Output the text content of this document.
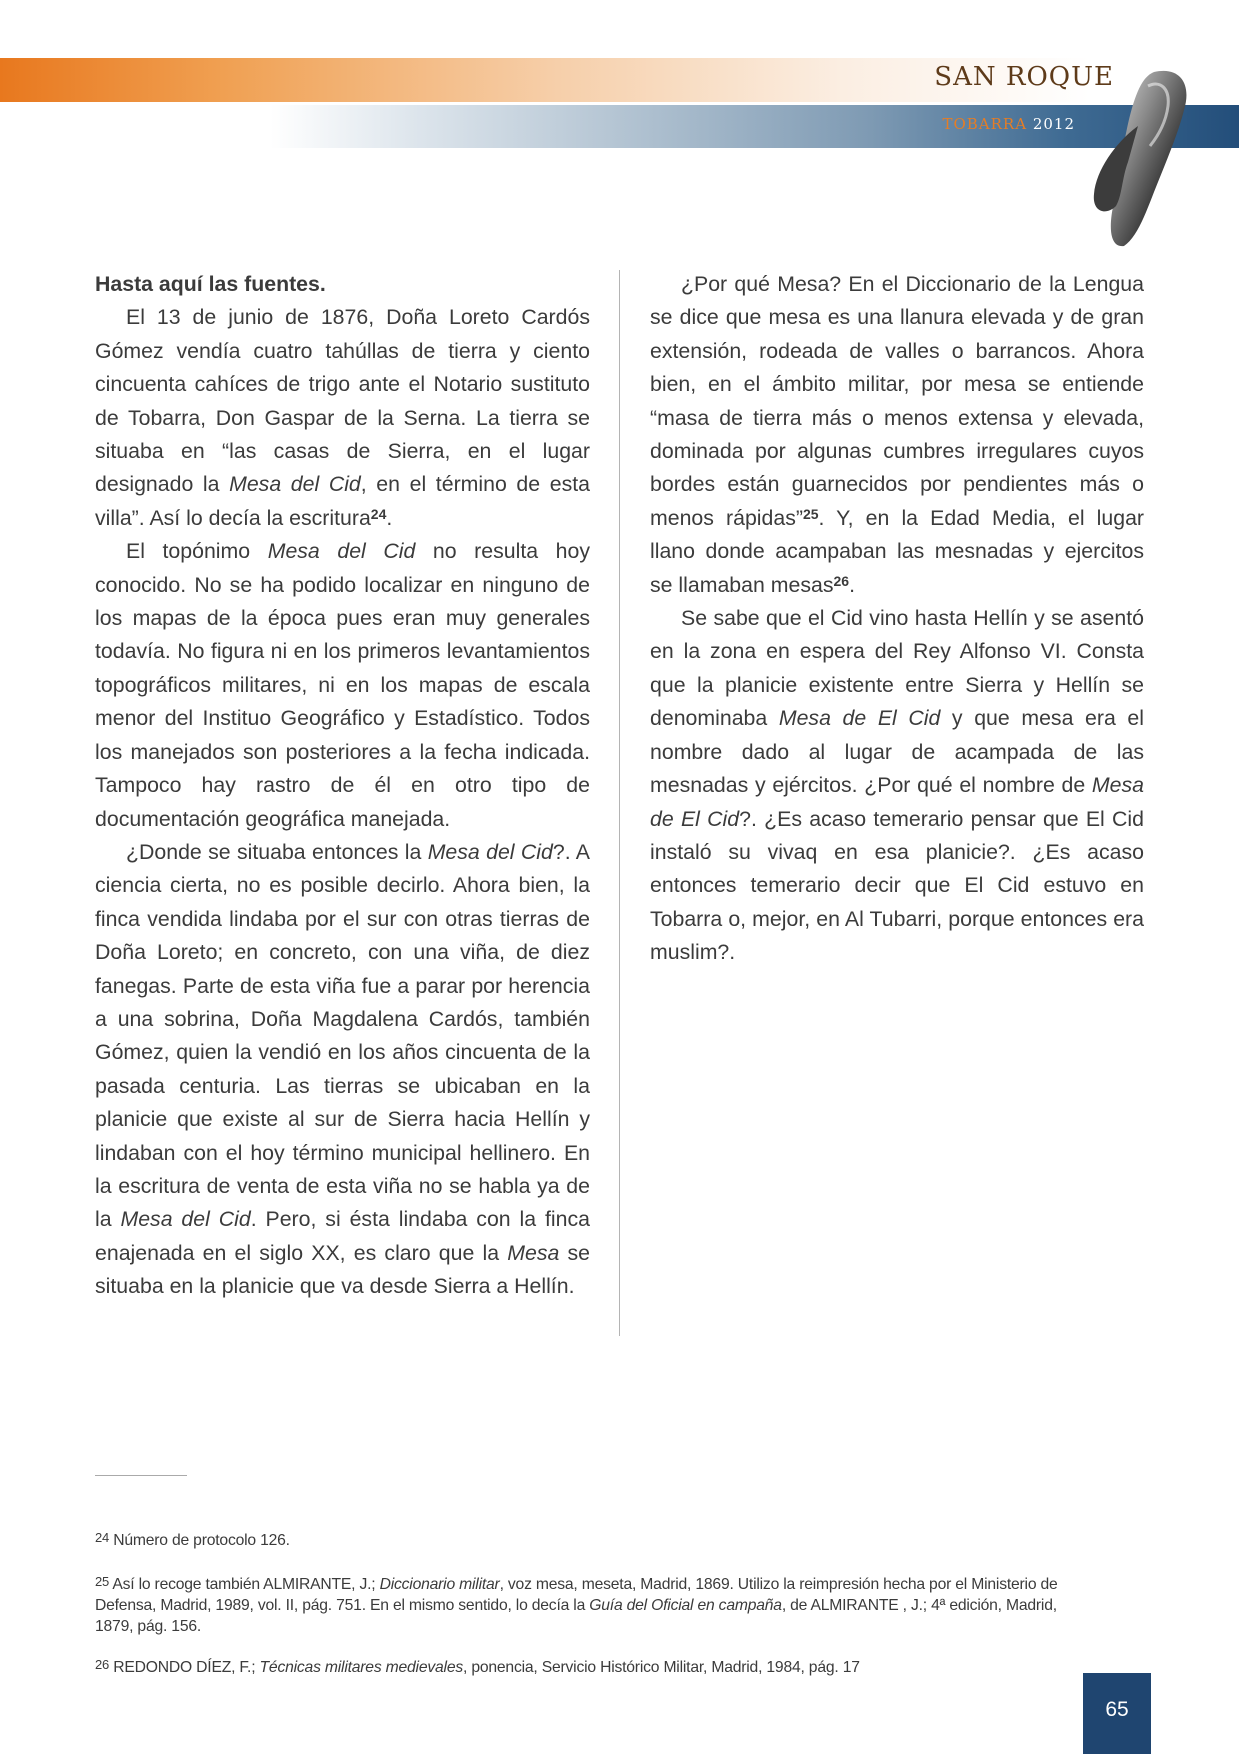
SAN ROQUE
TOBARRA 2012

Hasta aquí las fuentes.

El 13 de junio de 1876, Doña Loreto Cardós Gómez vendía cuatro tahúllas de tierra y ciento cincuenta cahíces de trigo ante el Notario sustituto de Tobarra, Don Gaspar de la Serna. La tierra se situaba en “las casas de Sierra, en el lugar designado la Mesa del Cid, en el término de esta villa”. Así lo decía la escritura$^{24}$.

El topónimo Mesa del Cid no resulta hoy conocido. No se ha podido localizar en ninguno de los mapas de la época pues eran muy generales todavía. No figura ni en los primeros levantamientos topográficos militares, ni en los mapas de escala menor del Instituo Geográfico y Estadístico. Todos los manejados son posteriores a la fecha indicada. Tampoco hay rastro de él en otro tipo de documentación geográfica manejada.

¿Donde se situaba entonces la Mesa del Cid?. A ciencia cierta, no es posible decirlo. Ahora bien, la finca vendida lindaba por el sur con otras tierras de Doña Loreto; en concreto, con una viña, de diez fanegas. Parte de esta viña fue a parar por herencia a una sobrina, Doña Magdalena Cardós, también Gómez, quien la vendió en los años cincuenta de la pasada centuria. Las tierras se ubicaban en la planicie que existe al sur de Sierra hacia Hellín y lindaban con el hoy término municipal hellinero. En la escritura de venta de esta viña no se habla ya de la Mesa del Cid. Pero, si ésta lindaba con la finca enajenada en el siglo XX, es claro que la Mesa se situaba en la planicie que va desde Sierra a Hellín.

¿Por qué Mesa? En el Diccionario de la Lengua se dice que mesa es una llanura elevada y de gran extensión, rodeada de valles o barrancos. Ahora bien, en el ámbito militar, por mesa se entiende “masa de tierra más o menos extensa y elevada, dominada por algunas cumbres irregulares cuyos bordes están guarnecidos por pendientes más o menos rápidas”$^{25}$. Y, en la Edad Media, el lugar llano donde acampaban las mesnadas y ejercitos se llamaban mesas$^{26}$.

Se sabe que el Cid vino hasta Hellín y se asentó en la zona en espera del Rey Alfonso VI. Consta que la planicie existente entre Sierra y Hellín se denominaba Mesa de El Cid y que mesa era el nombre dado al lugar de acampada de las mesnadas y ejércitos. ¿Por qué el nombre de Mesa de El Cid?. ¿Es acaso temerario pensar que El Cid instaló su vivaq en esa planicie?. ¿Es acaso entonces temerario decir que El Cid estuvo en Tobarra o, mejor, en Al Tubarri, porque entonces era muslim?.

$^{24}$ Número de protocolo 126.
$^{25}$ Así lo recoge también ALMIRANTE, J.; Diccionario militar, voz mesa, meseta, Madrid, 1869. Utilizo la reimpresión hecha por el Ministerio de Defensa, Madrid, 1989, vol. II, pág. 751. En el mismo sentido, lo decía la Guía del Oficial en campaña, de ALMIRANTE , J.; 4ª edición, Madrid, 1879, pág. 156.
$^{26}$ REDONDO DÍEZ, F.; Técnicas militares medievales, ponencia, Servicio Histórico Militar, Madrid, 1984, pág. 17
65
